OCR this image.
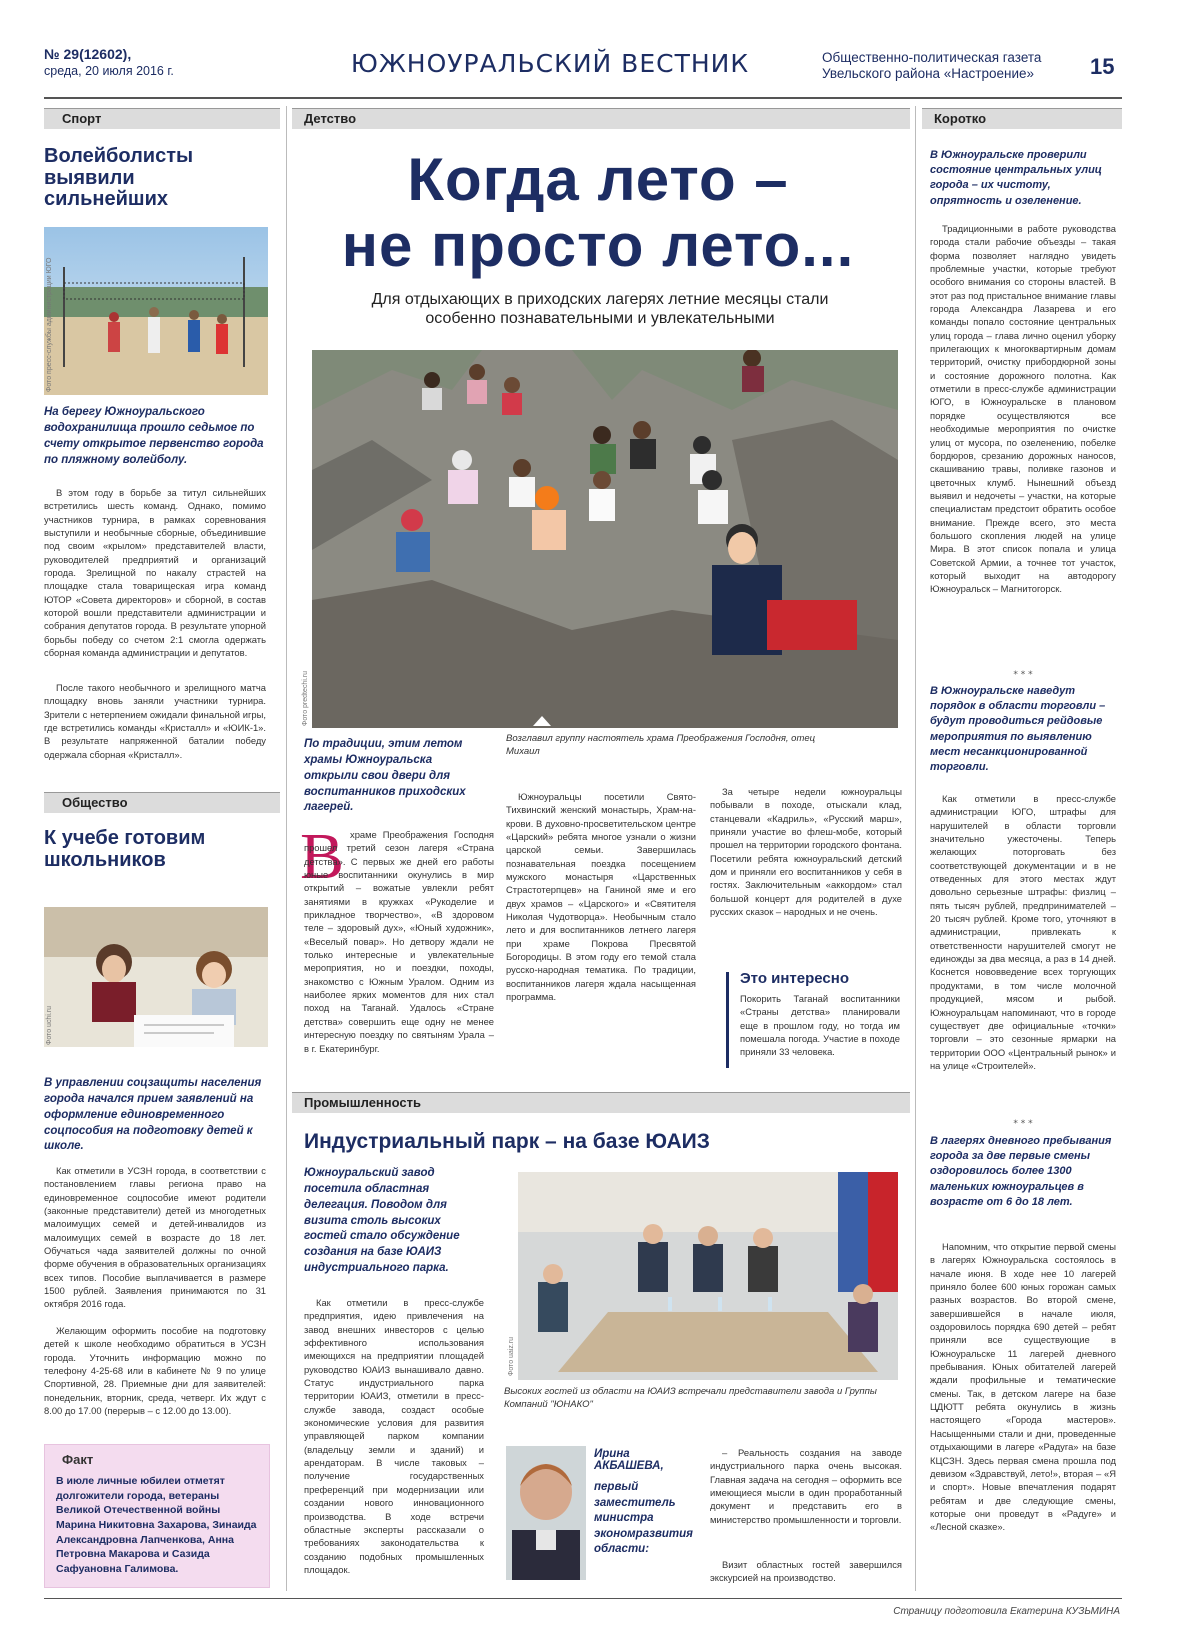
№ 29(12602),
среда, 20 июля 2016 г.	ЮЖНОУРАЛЬСКИЙ ВЕСТНИК	Общественно-политическая газета
Увельского района «Настроение»	15
Спорт
Волейболисты выявили сильнейших
Фото пресс-службы администрации ЮГО
На берегу Южноуральского водохранилища прошло седьмое по счету открытое первенство города по пляжному волейболу.
В этом году в борьбе за титул сильнейших встретились шесть команд. Однако, помимо участников турнира, в рамках соревнования выступили и необычные сборные, объединившие под своим «крылом» представителей власти, руководителей предприятий и организаций города. Зрелищной по накалу страстей на площадке стала товарищеская игра команд ЮТОР «Совета директоров» и сборной, в состав которой вошли представители администрации и собрания депутатов города. В результате упорной борьбы победу со счетом 2:1 смогла одержать сборная команда администрации и депутатов.
После такого необычного и зрелищного матча площадку вновь заняли участники турнира. Зрители с нетерпением ожидали финальной игры, где встретились команды «Кристалл» и «ЮИК-1». В результате напряженной баталии победу одержала сборная «Кристалл».
Общество
К учебе готовим школьников
Фото uchi.ru
В управлении соцзащиты населения города начался прием заявлений на оформление единовременного соцпособия на подготовку детей к школе.
Как отметили в УСЗН города, в соответствии с постановлением главы региона право на единовременное соцпособие имеют родители (законные представители) детей из многодетных малоимущих семей и детей-инвалидов из малоимущих семей в возрасте до 18 лет. Обучаться чада заявителей должны по очной форме обучения в образовательных организациях всех типов. Пособие выплачивается в размере 1500 рублей. Заявления принимаются по 31 октября 2016 года.
Желающим оформить пособие на подготовку детей к школе необходимо обратиться в УСЗН города. Уточнить информацию можно по телефону 4-25-68 или в кабинете № 9 по улице Спортивной, 28. Приемные дни для заявителей: понедельник, вторник, среда, четверг. Их ждут с 8.00 до 17.00 (перерыв – с 12.00 до 13.00).
Факт
В июле личные юбилеи отметят долгожители города, ветераны Великой Отечественной войны Марина Никитовна Захарова, Зинаида Александровна Лапченкова, Анна Петровна Макарова и Сазида Сафуановна Галимова.
Детство
Когда лето –
не просто лето...
Для отдыхающих в приходских лагерях летние месяцы стали особенно познавательными и увлекательными
Фото predtechi.ru
По традиции, этим летом храмы Южноуральска открыли свои двери для воспитанников приходских лагерей.
Возглавил группу настоятель храма Преображения Господня, отец Михаил
В храме Преображения Господня прошел третий сезон лагеря «Страна детства». С первых же дней его работы юные воспитанники окунулись в мир открытий – вожатые увлекли ребят занятиями в кружках «Рукоделие и прикладное творчество», «В здоровом теле – здоровый дух», «Юный художник», «Веселый повар». Но детвору ждали не только интересные и увлекательные мероприятия, но и поездки, походы, знакомство с Южным Уралом. Одним из наиболее ярких моментов для них стал поход на Таганай. Удалось «Стране детства» совершить еще одну не менее интересную поездку по святыням Урала – в г. Екатеринбург.
Южноуральцы посетили Свято-Тихвинский женский монастырь, Храм-на-крови. В духовно-просветительском центре «Царский» ребята многое узнали о жизни царской семьи. Завершилась познавательная поездка посещением мужского монастыря «Царственных Страстотерпцев» на Ганиной яме и его двух храмов – «Царского» и «Святителя Николая Чудотворца». Необычным стало лето и для воспитанников летнего лагеря при храме Покрова Пресвятой Богородицы. В этом году его темой стала русско-народная тематика. По традиции, воспитанников лагеря ждала насыщенная программа.
За четыре недели южноуральцы побывали в походе, отыскали клад, станцевали «Кадриль», «Русский марш», приняли участие во флеш-мобе, который прошел на территории городского фонтана. Посетили ребята южноуральский детский дом и приняли его воспитанников у себя в гостях. Заключительным «аккордом» стал большой концерт для родителей в духе русских сказок – народных и не очень.
Это интересно
Покорить Таганай воспитанники «Страны детства» планировали еще в прошлом году, но тогда им помешала погода. Участие в походе приняли 33 человека.
Промышленность
Индустриальный парк – на базе ЮАИЗ
Южноуральский завод посетила областная делегация. Поводом для визита столь высоких гостей стало обсуждение создания на базе ЮАИЗ индустриального парка.
Фото uaiz.ru
Высоких гостей из области на ЮАИЗ встречали представители завода и Группы Компаний "ЮНАКО"
Как отметили в пресс-службе предприятия, идею привлечения на завод внешних инвесторов с целью эффективного использования имеющихся на предприятии площадей руководство ЮАИЗ вынашивало давно. Статус индустриального парка территории ЮАИЗ, отметили в пресс-службе завода, создаст особые экономические условия для развития управляющей парком компании (владельцу земли и зданий) и арендаторам. В числе таковых – получение государственных преференций при модернизации или создании нового инновационного производства. В ходе встречи областные эксперты рассказали о требованиях законодательства к созданию подобных промышленных площадок.
Ирина АКБАШЕВА,
первый заместитель министра экономразвития области:
– Реальность создания на заводе индустриального парка очень высокая. Главная задача на сегодня – оформить все имеющиеся мысли в один проработанный документ и представить его в министерство промышленности и торговли.
Визит областных гостей завершился экскурсией на производство.
Коротко
В Южноуральске проверили состояние центральных улиц города – их чистоту, опрятность и озеленение.
Традиционными в работе руководства города стали рабочие объезды – такая форма позволяет наглядно увидеть проблемные участки, которые требуют особого внимания со стороны властей. В этот раз под пристальное внимание главы города Александра Лазарева и его команды попало состояние центральных улиц города – глава лично оценил уборку прилегающих к многоквартирным домам территорий, очистку прибордюрной зоны и состояние дорожного полотна. Как отметили в пресс-службе администрации ЮГО, в Южноуральске в плановом порядке осуществляются все необходимые мероприятия по очистке улиц от мусора, по озеленению, побелке бордюров, срезанию дорожных наносов, скашиванию травы, поливке газонов и цветочных клумб. Нынешний объезд выявил и недочеты – участки, на которые специалистам предстоит обратить особое внимание. Прежде всего, это места большого скопления людей на улице Мира. В этот список попала и улица Советской Армии, а точнее тот участок, который выходит на автодорогу Южноуральск – Магнитогорск.
* * *
В Южноуральске наведут порядок в области торговли – будут проводиться рейдовые мероприятия по выявлению мест несанкционированной торговли.
Как отметили в пресс-службе администрации ЮГО, штрафы для нарушителей в области торговли значительно ужесточены. Теперь желающих поторговать без соответствующей документации и в не отведенных для этого местах ждут довольно серьезные штрафы: физлиц – пять тысяч рублей, предпринимателей – 20 тысяч рублей. Кроме того, уточняют в администрации, привлекать к ответственности нарушителей смогут не единожды за два месяца, а раз в 14 дней. Коснется нововведение всех торгующих продуктами, в том числе молочной продукцией, мясом и рыбой. Южноуральцам напоминают, что в городе существует две официальные «точки» торговли – это сезонные ярмарки на территории ООО «Центральный рынок» и на улице «Строителей».
* * *
В лагерях дневного пребывания города за две первые смены оздоровилось более 1300 маленьких южноуральцев в возрасте от 6 до 18 лет.
Напомним, что открытие первой смены в лагерях Южноуральска состоялось в начале июня. В ходе нее 10 лагерей приняло более 600 юных горожан самых разных возрастов. Во второй смене, завершившейся в начале июля, оздоровилось порядка 690 детей – ребят приняли все существующие в Южноуральске 11 лагерей дневного пребывания. Юных обитателей лагерей ждали профильные и тематические смены. Так, в детском лагере на базе ЦДЮТТ ребята окунулись в жизнь настоящего «Города мастеров». Насыщенными стали и дни, проведенные отдыхающими в лагере «Радуга» на базе КЦСЗН. Здесь первая смена прошла под девизом «Здравствуй, лето!», вторая – «Я и спорт». Новые впечатления подарят ребятам и две следующие смены, которые они проведут в «Радуге» и «Лесной сказке».
Страницу подготовила Екатерина КУЗЬМИНА
